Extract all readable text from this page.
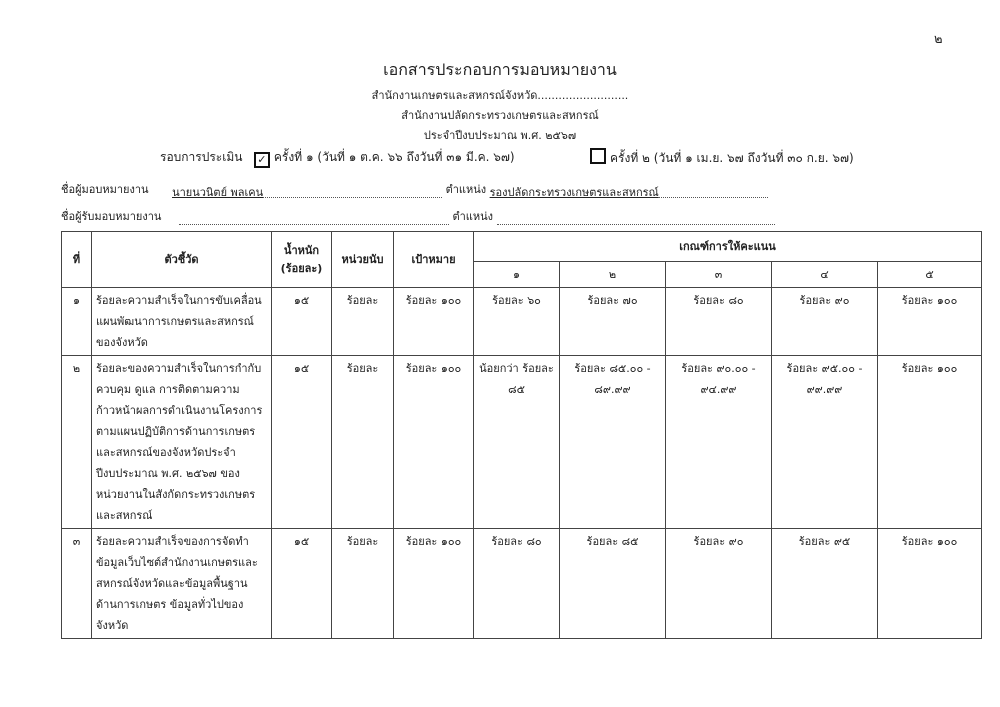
๒
เอกสารประกอบการมอบหมายงาน
สำนักงานเกษตรและสหกรณ์จังหวัด..........................
สำนักงานปลัดกระทรวงเกษตรและสหกรณ์
ประจำปีงบประมาณ พ.ศ. ๒๕๖๗
รอบการประเมิน ✓ ครั้งที่ ๑ (วันที่ ๑ ต.ค. ๖๖ ถึงวันที่ ๓๑ มี.ค. ๖๗)	ครั้งที่ ๒ (วันที่ ๑ เม.ย. ๖๗ ถึงวันที่ ๓๐ ก.ย. ๖๗)
ชื่อผู้มอบหมายงาน นายนวนิตย์ พลเคน	ตำแหน่ง รองปลัดกระทรวงเกษตรและสหกรณ์
ชื่อผู้รับมอบหมายงาน	ตำแหน่ง
ที่	ตัวชี้วัด	น้ำหนัก (ร้อยละ)	หน่วยนับ	เป้าหมาย	เกณฑ์การให้คะแนน				
					๑	๒	๓	๔	๕
๑	ร้อยละความสำเร็จในการขับเคลื่อนแผนพัฒนาการเกษตรและสหกรณ์ของจังหวัด	๑๕	ร้อยละ	ร้อยละ ๑๐๐	ร้อยละ ๖๐	ร้อยละ ๗๐	ร้อยละ ๘๐	ร้อยละ ๙๐	ร้อยละ ๑๐๐
๒	ร้อยละของความสำเร็จในการกำกับ ควบคุม ดูแล การติดตามความก้าวหน้าผลการดำเนินงานโครงการตามแผนปฏิบัติการด้านการเกษตรและสหกรณ์ของจังหวัดประจำปีงบประมาณ พ.ศ. ๒๕๖๗ ของหน่วยงานในสังกัดกระทรวงเกษตรและสหกรณ์	๑๕	ร้อยละ	ร้อยละ ๑๐๐	น้อยกว่า ร้อยละ ๘๕	ร้อยละ ๘๕.๐๐ - ๘๙.๙๙	ร้อยละ ๙๐.๐๐ - ๙๔.๙๙	ร้อยละ ๙๕.๐๐ - ๙๙.๙๙	ร้อยละ ๑๐๐
๓	ร้อยละความสำเร็จของการจัดทำข้อมูลเว็บไซต์สำนักงานเกษตรและสหกรณ์จังหวัดและข้อมูลพื้นฐานด้านการเกษตร ข้อมูลทั่วไปของจังหวัด	๑๕	ร้อยละ	ร้อยละ ๑๐๐	ร้อยละ ๘๐	ร้อยละ ๘๕	ร้อยละ ๙๐	ร้อยละ ๙๕	ร้อยละ ๑๐๐
